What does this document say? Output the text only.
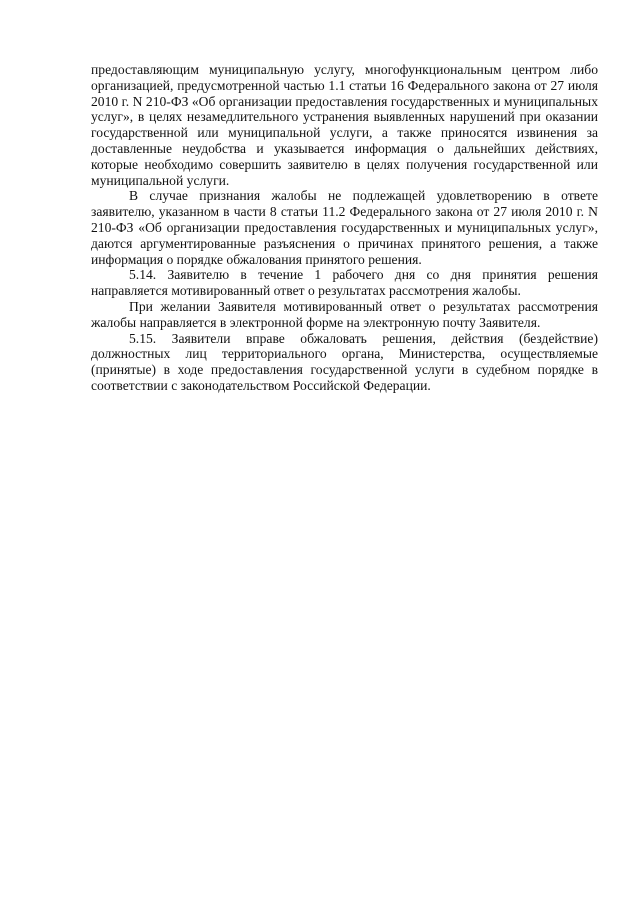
предоставляющим муниципальную услугу, многофункциональным центром либо организацией, предусмотренной частью 1.1 статьи 16 Федерального закона от 27 июля 2010 г. N 210-ФЗ «Об организации предоставления государственных и муниципальных услуг», в целях незамедлительного устранения выявленных нарушений при оказании государственной или муниципальной услуги, а также приносятся извинения за доставленные неудобства и указывается информация о дальнейших действиях, которые необходимо совершить заявителю в целях получения государственной или муниципальной услуги.

В случае признания жалобы не подлежащей удовлетворению в ответе заявителю, указанном в части 8 статьи 11.2 Федерального закона от 27 июля 2010 г. N 210-ФЗ «Об организации предоставления государственных и муниципальных услуг», даются аргументированные разъяснения о причинах принятого решения, а также информация о порядке обжалования принятого решения.

5.14. Заявителю в течение 1 рабочего дня со дня принятия решения направляется мотивированный ответ о результатах рассмотрения жалобы.

При желании Заявителя мотивированный ответ о результатах рассмотрения жалобы направляется в электронной форме на электронную почту Заявителя.

5.15. Заявители вправе обжаловать решения, действия (бездействие) должностных лиц территориального органа, Министерства, осуществляемые (принятые) в ходе предоставления государственной услуги в судебном порядке в соответствии с законодательством Российской Федерации.
